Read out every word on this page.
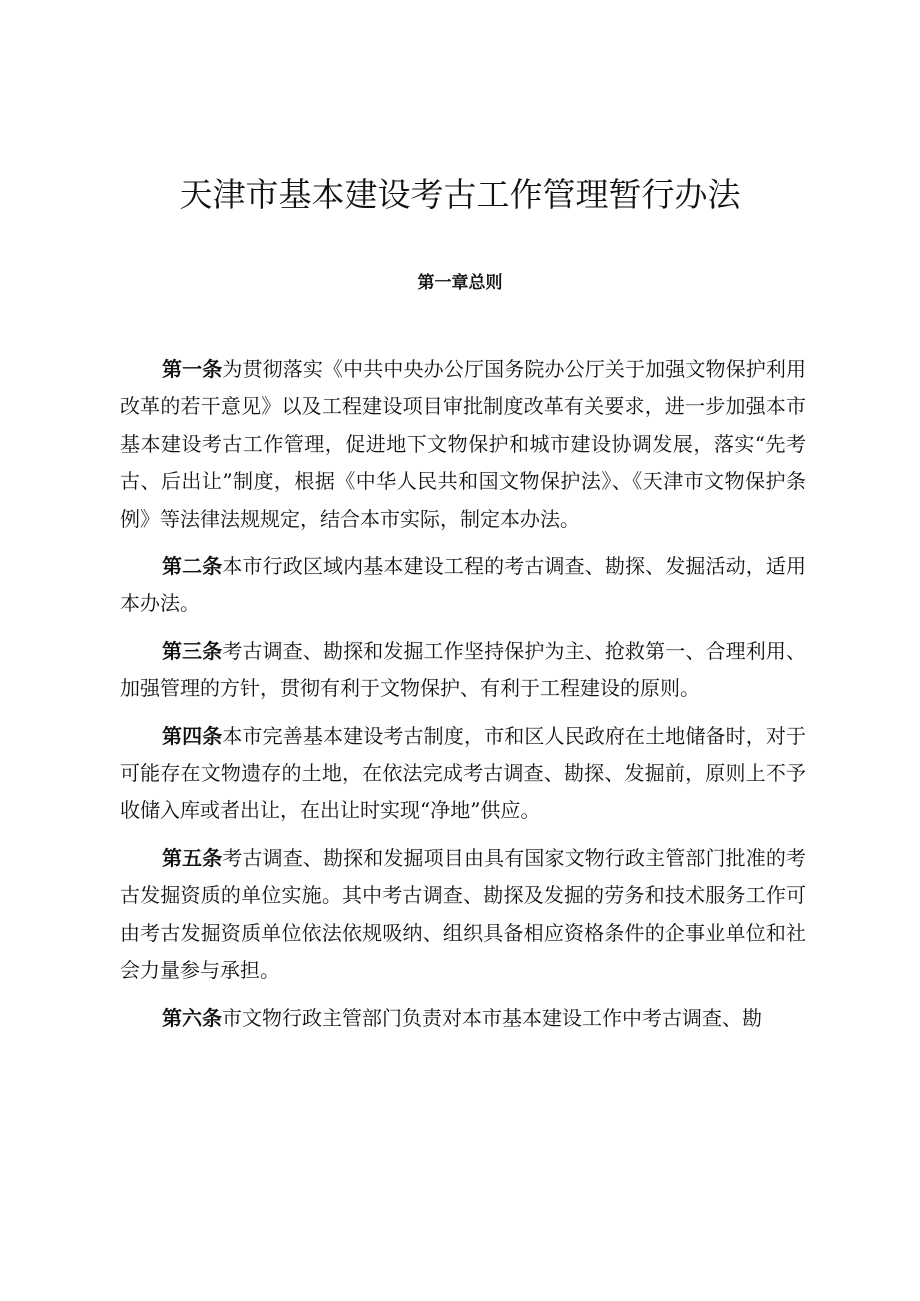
天津市基本建设考古工作管理暂行办法
第一章总则

第一条为贯彻落实《中共中央办公厅国务院办公厅关于加强文物保护利用改革的若干意见》以及工程建设项目审批制度改革有关要求，进一步加强本市基本建设考古工作管理，促进地下文物保护和城市建设协调发展，落实“先考古、后出让”制度，根据《中华人民共和国文物保护法》、《天津市文物保护条例》等法律法规规定，结合本市实际，制定本办法。

第二条本市行政区域内基本建设工程的考古调查、勘探、发掘活动，适用本办法。

第三条考古调查、勘探和发掘工作坚持保护为主、抢救第一、合理利用、加强管理的方针，贯彻有利于文物保护、有利于工程建设的原则。

第四条本市完善基本建设考古制度，市和区人民政府在土地储备时，对于可能存在文物遗存的土地，在依法完成考古调查、勘探、发掘前，原则上不予收储入库或者出让，在出让时实现“净地”供应。

第五条考古调查、勘探和发掘项目由具有国家文物行政主管部门批准的考古发掘资质的单位实施。其中考古调查、勘探及发掘的劳务和技术服务工作可由考古发掘资质单位依法依规吸纳、组织具备相应资格条件的企事业单位和社会力量参与承担。

第六条市文物行政主管部门负责对本市基本建设工作中考古调查、勘
